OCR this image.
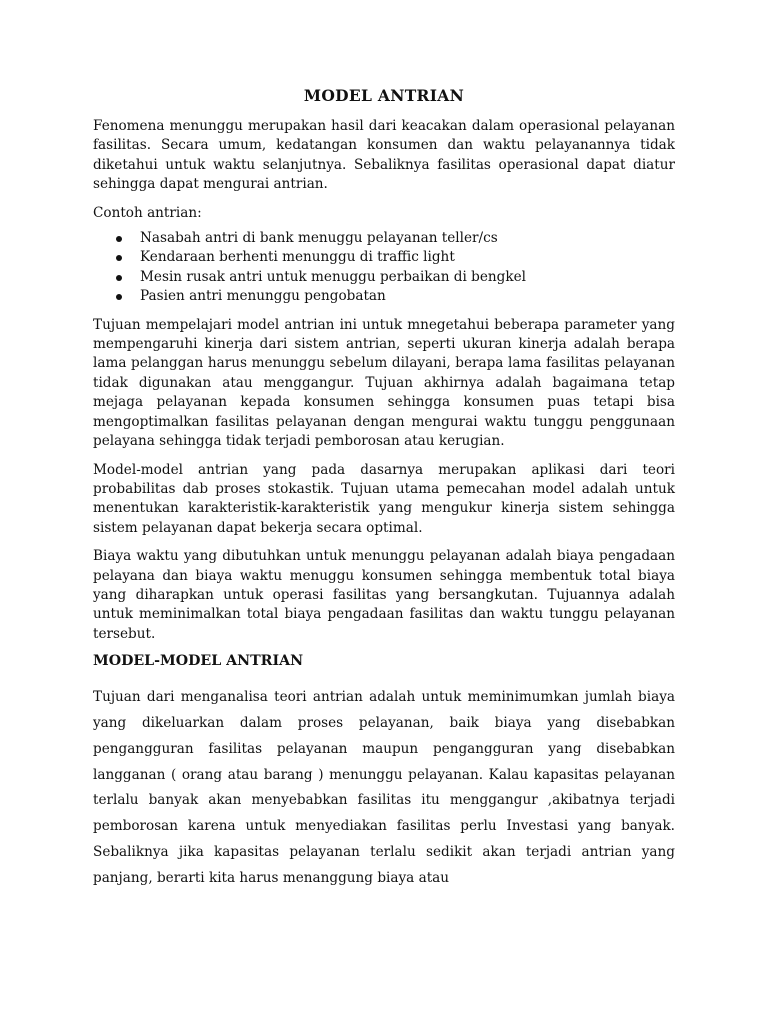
MODEL ANTRIAN

Fenomena menunggu merupakan hasil dari keacakan dalam operasional pelayanan fasilitas. Secara umum, kedatangan konsumen dan waktu pelayanannya tidak diketahui untuk waktu selanjutnya. Sebaliknya fasilitas operasional dapat diatur sehingga dapat mengurai antrian.

Contoh antrian:
Nasabah antri di bank menuggu pelayanan teller/cs
Kendaraan berhenti menunggu di traffic light
Mesin rusak antri untuk menuggu perbaikan di bengkel
Pasien antri menunggu pengobatan

Tujuan mempelajari model antrian ini untuk mnegetahui beberapa parameter yang mempengaruhi kinerja dari sistem antrian, seperti ukuran kinerja adalah berapa lama pelanggan harus menunggu sebelum dilayani, berapa lama fasilitas pelayanan tidak digunakan atau menggangur. Tujuan akhirnya adalah bagaimana tetap mejaga pelayanan kepada konsumen sehingga konsumen puas tetapi bisa mengoptimalkan fasilitas pelayanan dengan mengurai waktu tunggu penggunaan pelayana sehingga tidak terjadi pemborosan atau kerugian.

Model-model antrian yang pada dasarnya merupakan aplikasi dari teori probabilitas dab proses stokastik. Tujuan utama pemecahan model adalah untuk menentukan karakteristik-karakteristik yang mengukur kinerja sistem sehingga sistem pelayanan dapat bekerja secara optimal.

Biaya waktu yang dibutuhkan untuk menunggu pelayanan adalah biaya pengadaan pelayana dan biaya waktu menuggu konsumen sehingga membentuk total biaya yang diharapkan untuk operasi fasilitas yang bersangkutan. Tujuannya adalah untuk meminimalkan total biaya pengadaan fasilitas dan waktu tunggu pelayanan tersebut.

MODEL-MODEL ANTRIAN

Tujuan dari menganalisa teori antrian adalah untuk meminimumkan jumlah biaya yang dikeluarkan dalam proses pelayanan, baik biaya yang disebabkan pengangguran fasilitas pelayanan maupun pengangguran yang disebabkan langganan ( orang atau barang ) menunggu pelayanan. Kalau kapasitas pelayanan terlalu banyak akan menyebabkan fasilitas itu menggangur ,akibatnya terjadi pemborosan karena untuk menyediakan fasilitas perlu Investasi yang banyak. Sebaliknya jika kapasitas pelayanan terlalu sedikit akan terjadi antrian yang panjang, berarti kita harus menanggung biaya atau
